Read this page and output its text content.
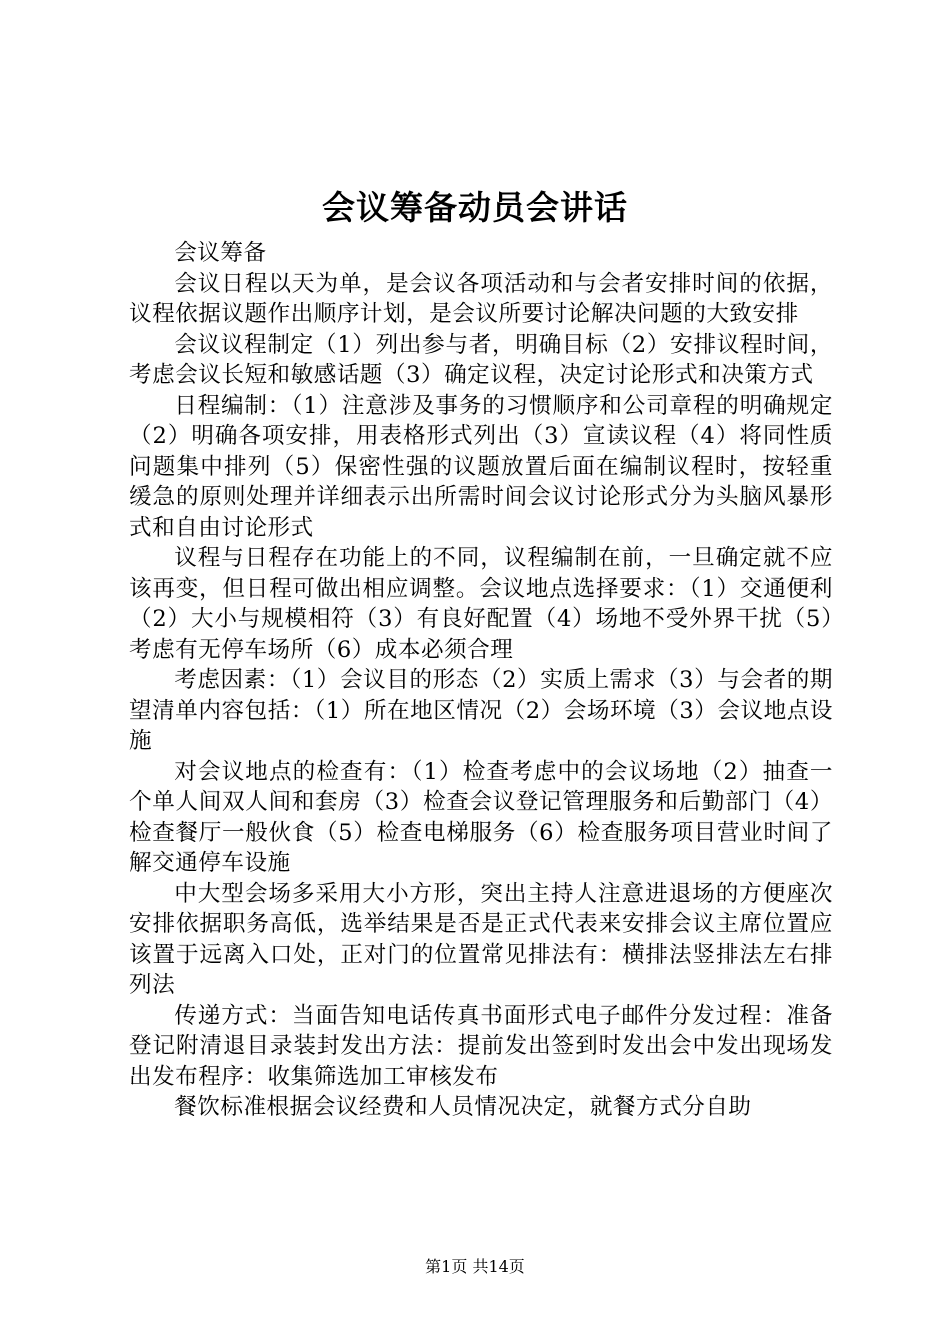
会议筹备动员会讲话

会议筹备

会议日程以天为单，是会议各项活动和与会者安排时间的依据，议程依据议题作出顺序计划，是会议所要讨论解决问题的大致安排

会议议程制定（1）列出参与者，明确目标（2）安排议程时间，考虑会议长短和敏感话题（3）确定议程，决定讨论形式和决策方式

日程编制：（1）注意涉及事务的习惯顺序和公司章程的明确规定（2）明确各项安排，用表格形式列出（3）宣读议程（4）将同性质问题集中排列（5）保密性强的议题放置后面在编制议程时，按轻重缓急的原则处理并详细表示出所需时间会议讨论形式分为头脑风暴形式和自由讨论形式

议程与日程存在功能上的不同，议程编制在前，一旦确定就不应该再变，但日程可做出相应调整。会议地点选择要求：（1）交通便利（2）大小与规模相符（3）有良好配置（4）场地不受外界干扰（5）考虑有无停车场所（6）成本必须合理

考虑因素：（1）会议目的形态（2）实质上需求（3）与会者的期望清单内容包括：（1）所在地区情况（2）会场环境（3）会议地点设施

对会议地点的检查有：（1）检查考虑中的会议场地（2）抽查一个单人间双人间和套房（3）检查会议登记管理服务和后勤部门（4）检查餐厅一般伙食（5）检查电梯服务（6）检查服务项目营业时间了解交通停车设施

中大型会场多采用大小方形，突出主持人注意进退场的方便座次安排依据职务高低，选举结果是否是正式代表来安排会议主席位置应该置于远离入口处，正对门的位置常见排法有：横排法竖排法左右排列法

传递方式：当面告知电话传真书面形式电子邮件分发过程：准备登记附清退目录装封发出方法：提前发出签到时发出会中发出现场发出发布程序：收集筛选加工审核发布

餐饮标准根据会议经费和人员情况决定，就餐方式分自助

第1页 共14页
